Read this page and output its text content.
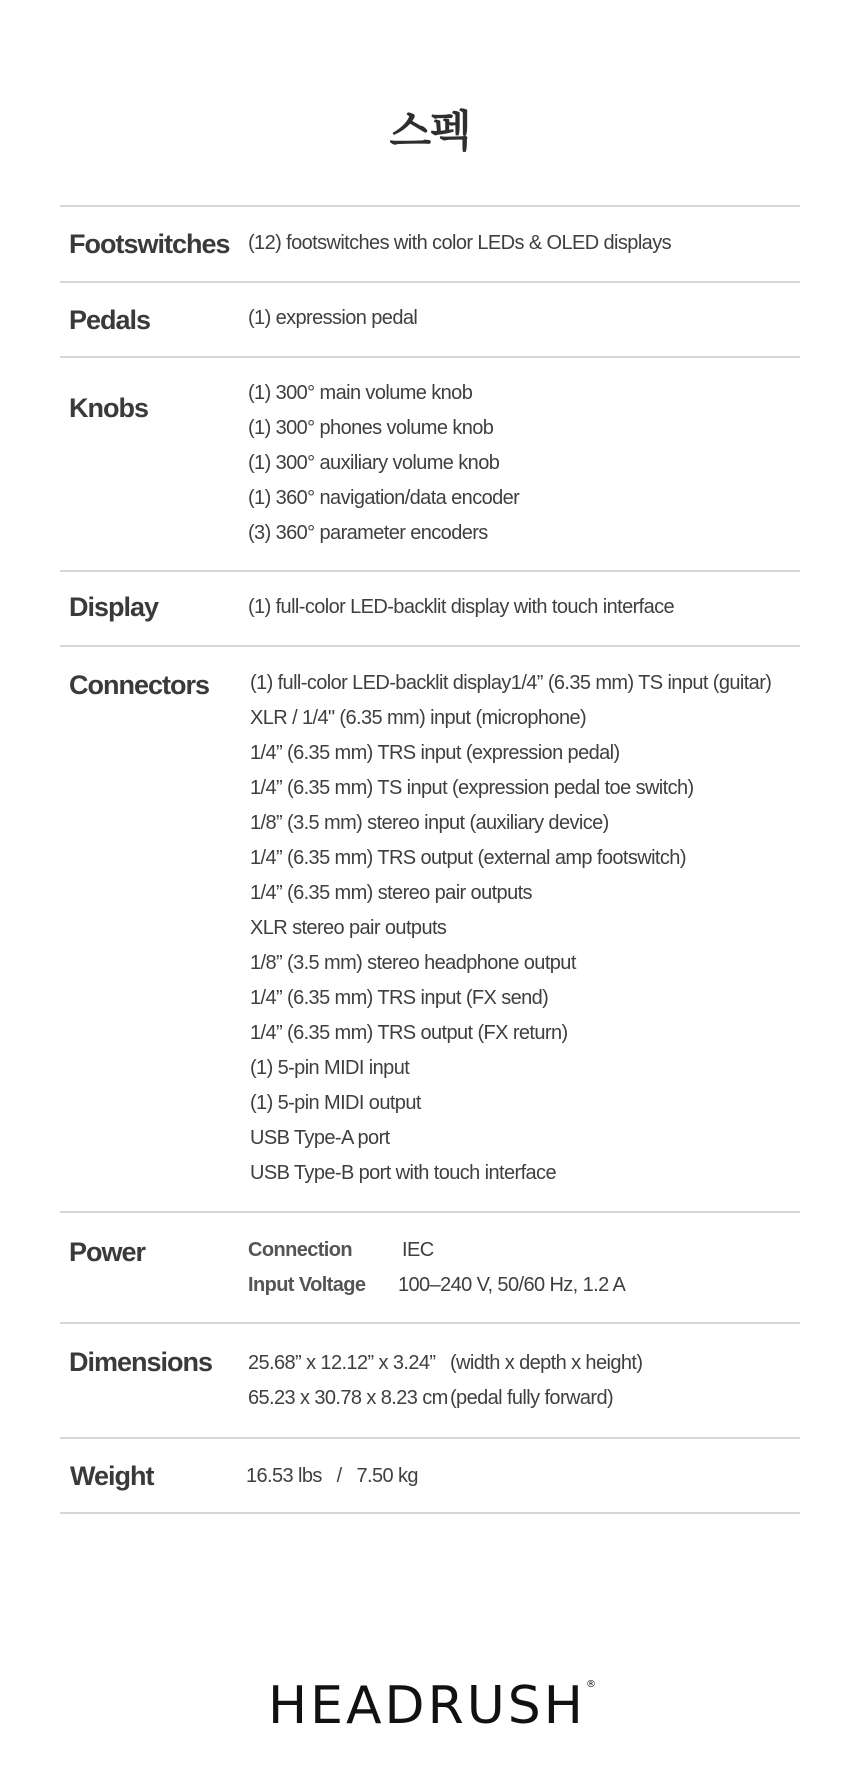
스펙
Footswitches (12) footswitches with color LEDs & OLED displays
Pedals	(1) expression pedal
Knobs	(1) 300° main volume knob
(1) 300° phones volume knob
(1) 300° auxiliary volume knob
(1) 360° navigation/data encoder
(3) 360° parameter encoders
Display	(1) full-color LED-backlit display with touch interface
Connectors	(1) full-color LED-backlit display1/4” (6.35 mm) TS input (guitar)
XLR / 1/4" (6.35 mm) input (microphone)
1/4” (6.35 mm) TRS input (expression pedal)
1/4” (6.35 mm) TS input (expression pedal toe switch)
1/8” (3.5 mm) stereo input (auxiliary device)
1/4” (6.35 mm) TRS output (external amp footswitch)
1/4” (6.35 mm) stereo pair outputs
XLR stereo pair outputs
1/8” (3.5 mm) stereo headphone output
1/4” (6.35 mm) TRS input (FX send)
1/4” (6.35 mm) TRS output (FX return)
(1) 5-pin MIDI input
(1) 5-pin MIDI output
USB Type-A port
USB Type-B port with touch interface
Power	Connection	IEC
Input Voltage 100–240 V, 50/60 Hz, 1.2 A
Dimensions	25.68” x 12.12” x 3.24” (width x depth x height)
65.23 x 30.78 x 8.23 cm (pedal fully forward)
Weight	16.53 lbs   /   7.50 kg
HEADRUSH ®
